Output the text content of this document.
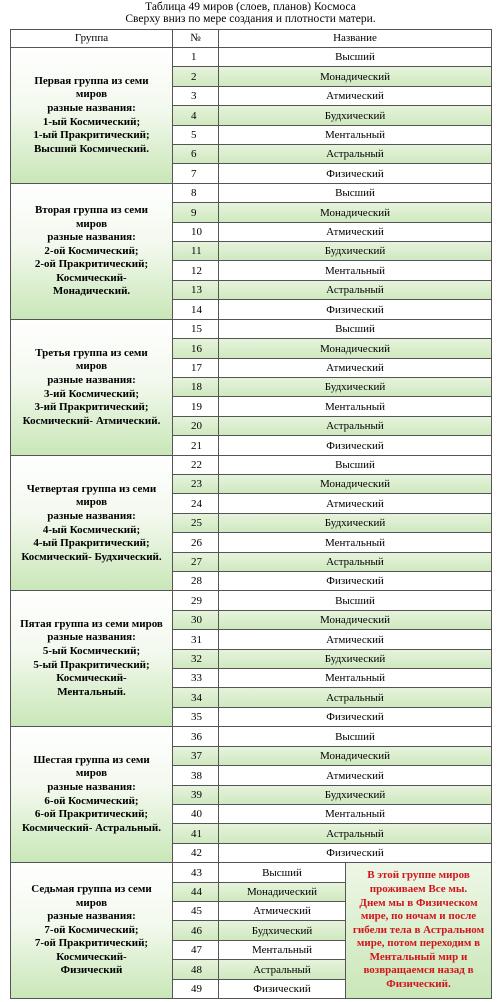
Таблица 49 миров (слоев, планов) Космоса
Сверху вниз по мере создания и плотности матери.
Группа	№	Название
Первая группа из семи
миров
разные названия:
1-ый Космический;
1-ый Пракритический;
Высший Космический.
1	Высший
2	Монадический
3	Атмический
4	Будхический
5	Ментальный
6	Астральный
7	Физический
Вторая группа из семи
миров
разные названия:
2-ой Космический;
2-ой Пракритический;
Космический-
Монадический.
8	Высший
9	Монадический
10	Атмический
11	Будхический
12	Ментальный
13	Астральный
14	Физический
Третья группа из семи
миров
разные названия:
3-ий Космический;
3-ий Пракритический;
Космический- Атмический.
15	Высший
16	Монадический
17	Атмический
18	Будхический
19	Ментальный
20	Астральный
21	Физический
Четвертая группа из семи
миров
разные названия:
4-ый Космический;
4-ый Пракритический;
Космический- Будхический.
22	Высший
23	Монадический
24	Атмический
25	Будхический
26	Ментальный
27	Астральный
28	Физический
Пятая группа из семи миров
разные названия:
5-ый Космический;
5-ый Пракритический;
Космический-
Ментальный.
29	Высший
30	Монадический
31	Атмический
32	Будхический
33	Ментальный
34	Астральный
35	Физический
Шестая группа из семи
миров
разные названия:
6-ой Космический;
6-ой Пракритический;
Космический- Астральный.
36	Высший
37	Монадический
38	Атмический
39	Будхический
40	Ментальный
41	Астральный
42	Физический
Седьмая группа из семи
миров
разные названия:
7-ой Космический;
7-ой Пракритический;
Космический-
Физический
43	Высший
44	Монадический
45	Атмический
46	Будхический
47	Ментальный
48	Астральный
49	Физический
В этой группе миров
проживаем Все мы.
Днем мы в Физическом
мире, по ночам и после
гибели тела в Астральном
мире, потом переходим в
Ментальный мир и
возвращаемся назад в
Физический.
